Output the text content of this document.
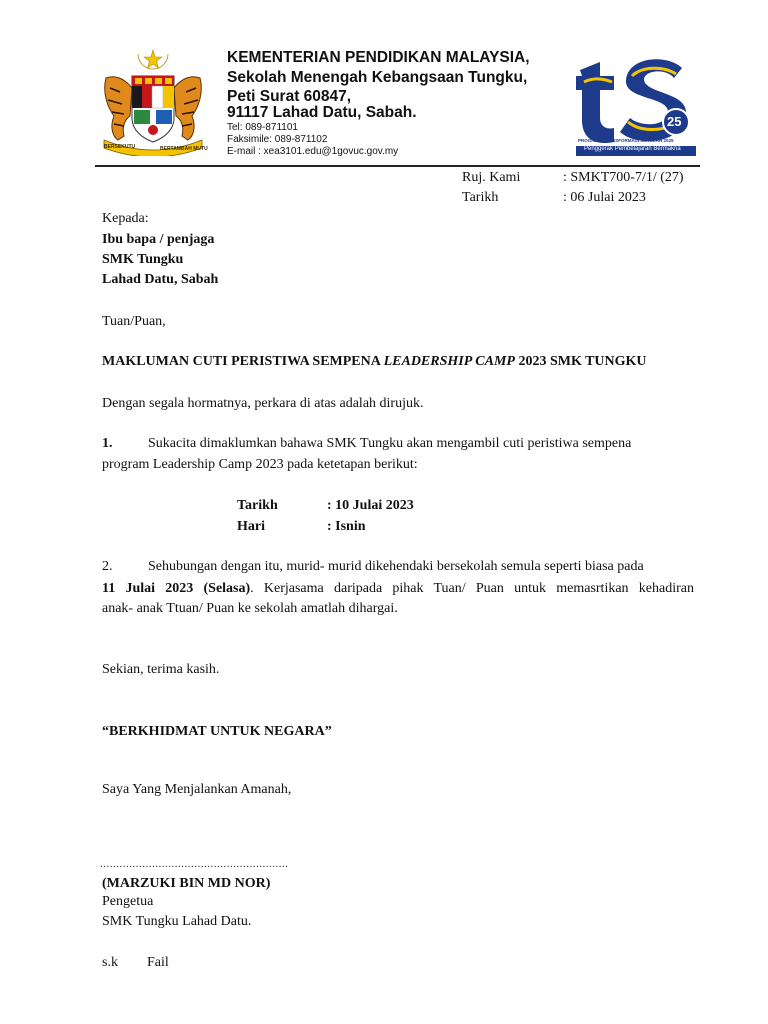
BERSEKUTU	BERTAMBAH MUTU
KEMENTERIAN PENDIDIKAN MALAYSIA,
Sekolah Menengah Kebangsaan Tungku,
Peti Surat 60847,
91117 Lahad Datu, Sabah.
Tel: 089-871101
Faksimile: 089-871102
E-mail : xea3101.edu@1govuc.gov.my
25
PROGRAM TRANSFORMASI SEKOLAH 2025
Penggerak Pembelajaran Bermakna
Ruj. Kami	: SMKT700-7/1/ (27)
Tarikh	: 06 Julai 2023
Kepada:
Ibu bapa / penjaga
SMK Tungku
Lahad Datu, Sabah
Tuan/Puan,
MAKLUMAN CUTI PERISTIWA SEMPENA LEADERSHIP CAMP 2023 SMK TUNGKU
Dengan segala hormatnya, perkara di atas adalah dirujuk.
1.	Sukacita dimaklumkan bahawa SMK Tungku akan mengambil cuti peristiwa sempena
program Leadership Camp 2023 pada ketetapan berikut:
Tarikh	: 10 Julai 2023
Hari	: Isnin
2.	Sehubungan dengan itu, murid- murid dikehendaki bersekolah semula seperti biasa pada
11 Julai 2023 (Selasa). Kerjasama daripada pihak Tuan/ Puan untuk memasrtikan kehadiran
anak- anak Ttuan/ Puan ke sekolah amatlah dihargai.
Sekian, terima kasih.
“BERKHIDMAT UNTUK NEGARA”
Saya Yang Menjalankan Amanah,
..........................................................
(MARZUKI BIN MD NOR)
Pengetua
SMK Tungku Lahad Datu.
s.k Fail
